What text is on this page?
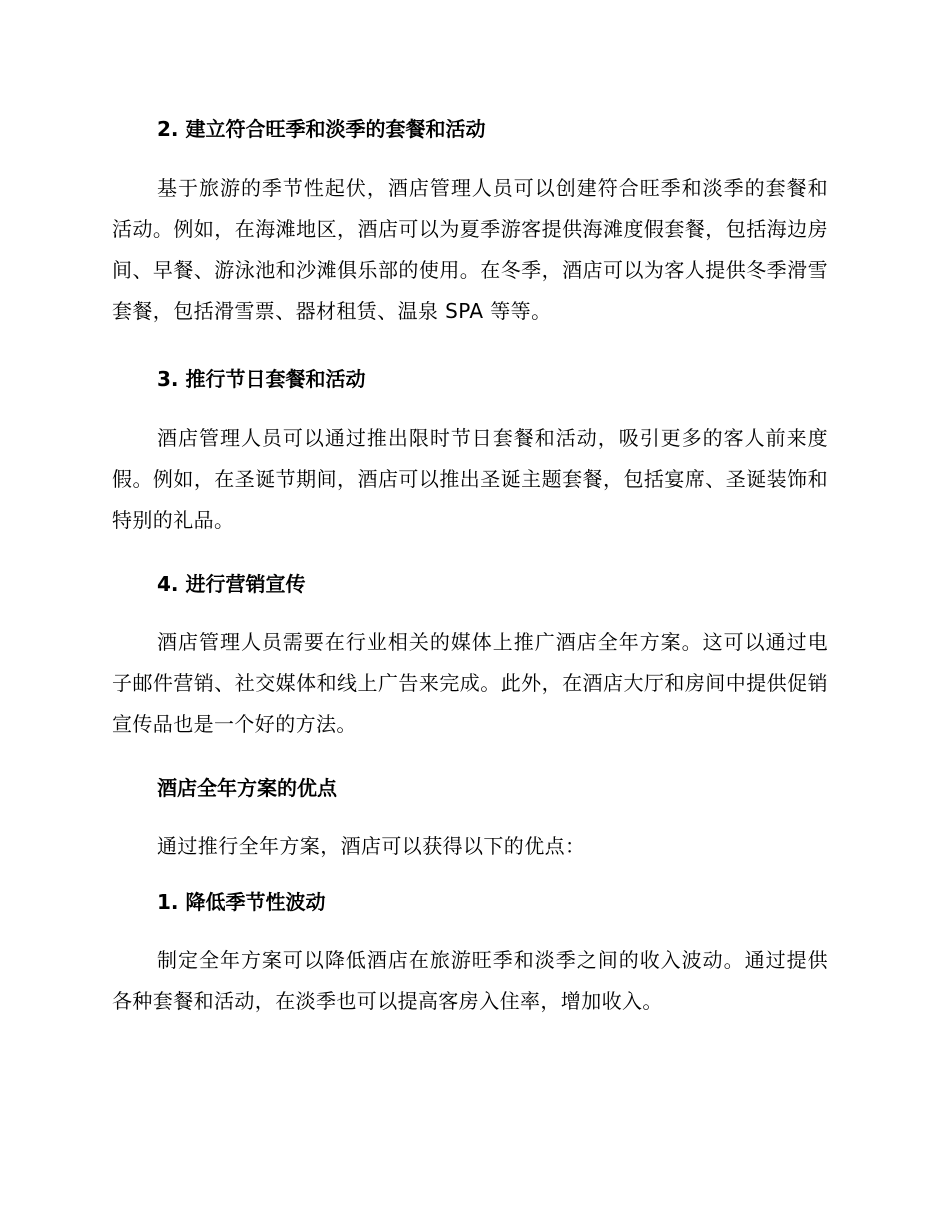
2. 建立符合旺季和淡季的套餐和活动

基于旅游的季节性起伏，酒店管理人员可以创建符合旺季和淡季的套餐和活动。例如，在海滩地区，酒店可以为夏季游客提供海滩度假套餐，包括海边房间、早餐、游泳池和沙滩俱乐部的使用。在冬季，酒店可以为客人提供冬季滑雪套餐，包括滑雪票、器材租赁、温泉 SPA 等等。

3. 推行节日套餐和活动

酒店管理人员可以通过推出限时节日套餐和活动，吸引更多的客人前来度假。例如，在圣诞节期间，酒店可以推出圣诞主题套餐，包括宴席、圣诞装饰和特别的礼品。

4. 进行营销宣传

酒店管理人员需要在行业相关的媒体上推广酒店全年方案。这可以通过电子邮件营销、社交媒体和线上广告来完成。此外，在酒店大厅和房间中提供促销宣传品也是一个好的方法。

酒店全年方案的优点

通过推行全年方案，酒店可以获得以下的优点：

1. 降低季节性波动

制定全年方案可以降低酒店在旅游旺季和淡季之间的收入波动。通过提供各种套餐和活动，在淡季也可以提高客房入住率，增加收入。
